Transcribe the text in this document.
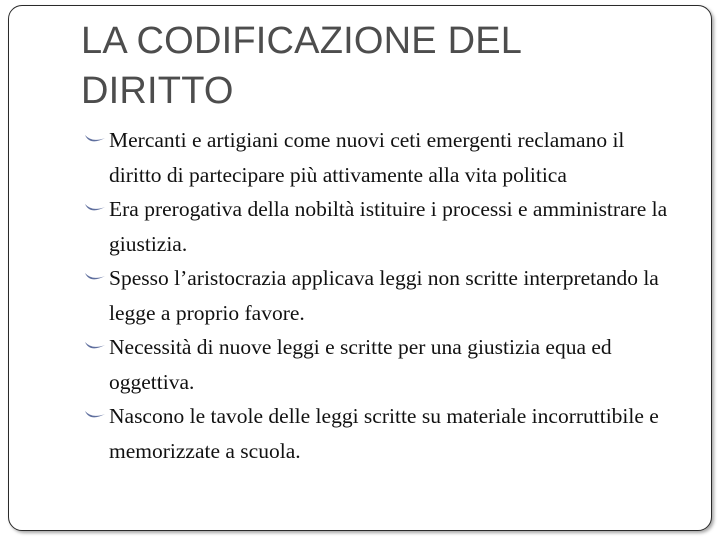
LA CODIFICAZIONE DEL DIRITTO
Mercanti e artigiani come nuovi ceti emergenti reclamano il diritto di partecipare più attivamente alla vita politica
Era prerogativa della nobiltà istituire i processi e amministrare la giustizia.
Spesso l’aristocrazia applicava leggi non scritte interpretando la legge a proprio favore.
Necessità di nuove leggi e scritte per una giustizia equa ed oggettiva.
Nascono le tavole delle leggi scritte su materiale incorruttibile e memorizzate a scuola.
